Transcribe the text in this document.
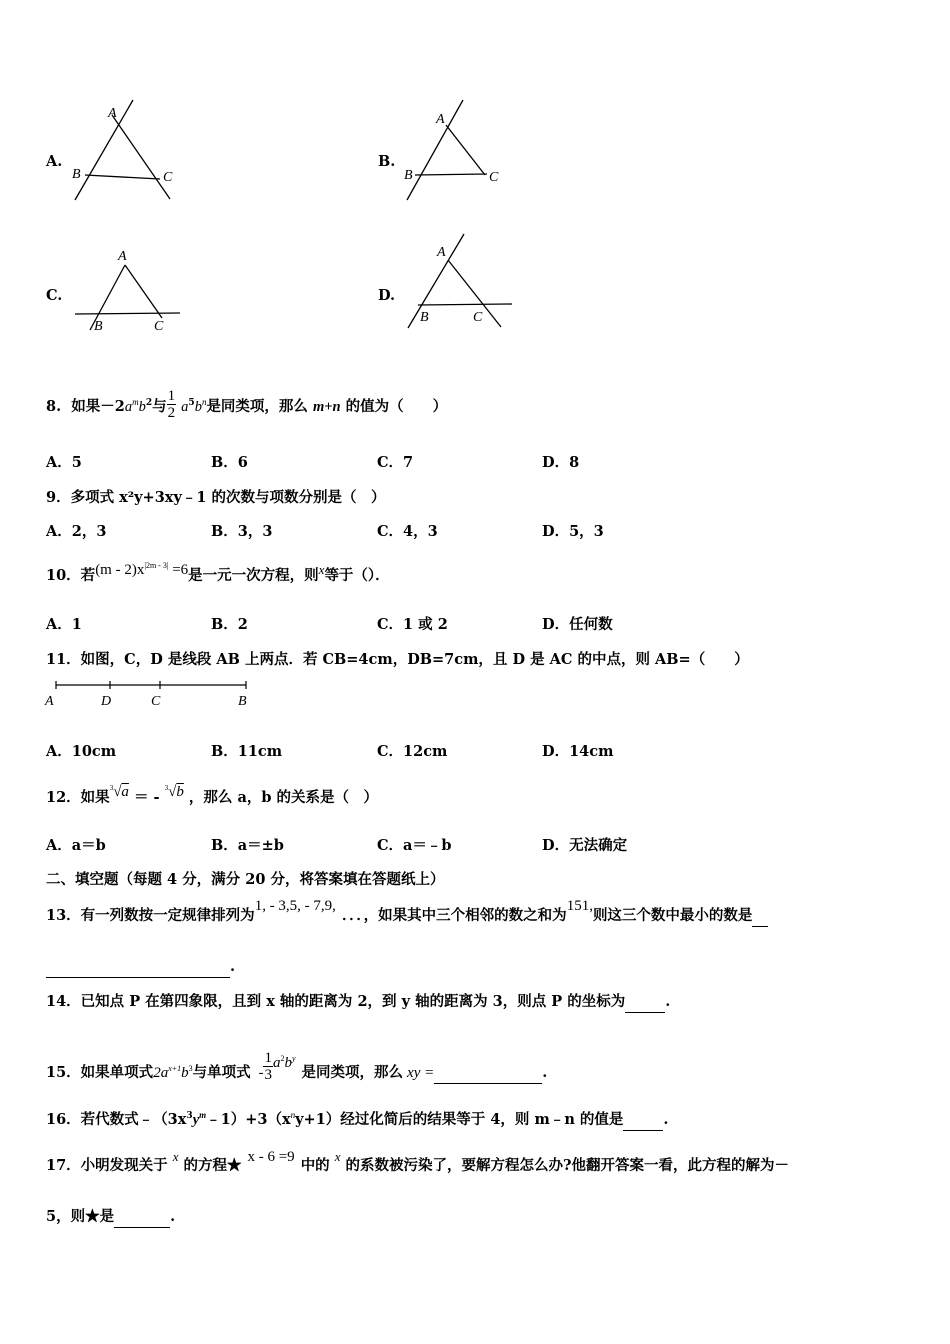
A.
A
B	C
B.
A
B	C
C.
A
B	C
D.
A
B	C
8. 如果$-2a^mb^2$与 $\frac{1}{2} a^5b^n$是同类项，那么 m+n 的值为（　　）
A．5	B．6	C．7	D．8
9．多项式 x²y+3xy﹣1 的次数与项数分别是（　）
A．2，3	B．3，3	C．4，3	D．5，3
10．若$(m - 2)x^{|2m - 3|} =6$是一元一次方程，则x等于（）．
A．1	B．2	C．1 或 2	D．任何数
11．如图，C，D 是线段 AB 上两点．若 CB=4cm，DB=7cm，且 D 是 AC 的中点，则 AB=（　　）
A	D	C	B
A．10cm	B．11cm	C．12cm	D．14cm
12．如果$^3$√a ＝ - $^3$√b ，那么 a，b 的关系是（　）
A．a＝b	B．a＝±b	C．a＝﹣b	D．无法确定
二、填空题（每题 4 分，满分 20 分，将答案填在答题纸上）
13．有一列数按一定规律排列为1, - 3,5, - 7,9,．．．，如果其中三个相邻的数之和为151,则这三个数中最小的数是
.
14．已知点 P 在第四象限，且到 x 轴的距离为 2，到 y 轴的距离为 3，则点 P 的坐标为	.
15．如果单项式$2a^{x+1}b^3$与单项式 - $\frac{1}{3} a^2b^y$是同类项，那么 xy =	.
16．若代数式$﹣(3x^3y^m﹣1)+3(x^ny+1)$经过化简后的结果等于 4，则 m﹣n 的值是	.
17．小明发现关于x的方程★ x - 6 =9 中的x的系数被污染了，要解方程怎么办?他翻开答案一看，此方程的解为－
5，则★是	.
